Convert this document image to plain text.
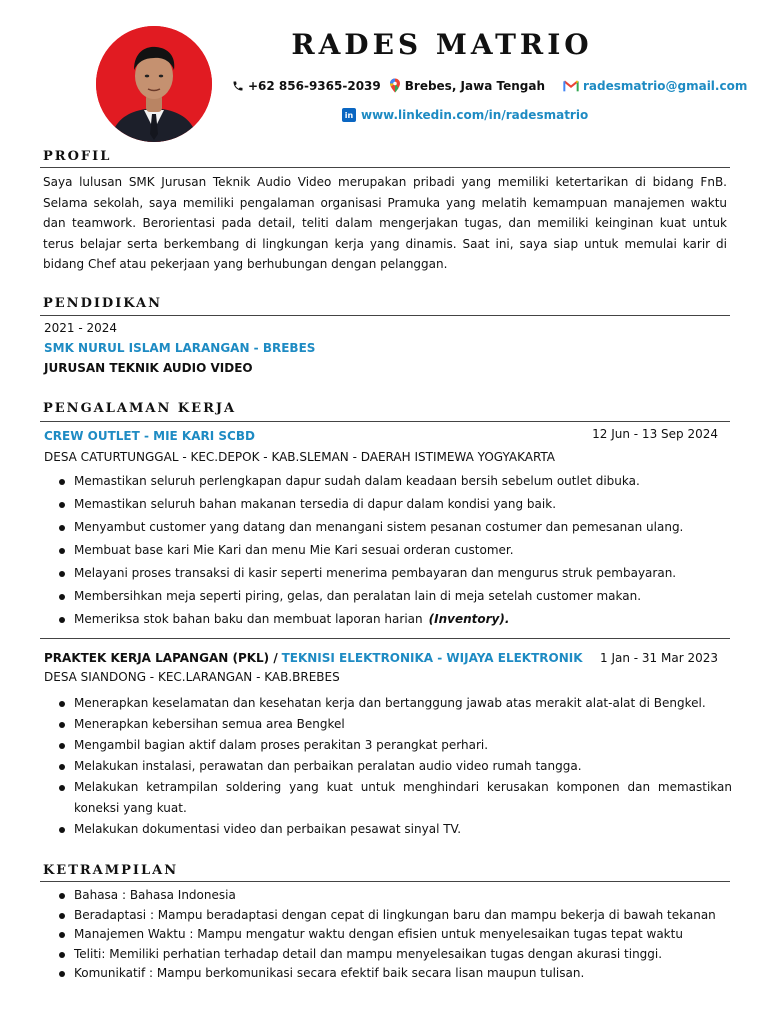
RADES MATRIO
+62 856-9365-2039 Brebes, Jawa Tengah	radesmatrio@gmail.com
in www.linkedin.com/in/radesmatrio
PROFIL
Saya lulusan SMK Jurusan Teknik Audio Video merupakan pribadi yang memiliki ketertarikan di bidang FnB. Selama sekolah, saya memiliki pengalaman organisasi Pramuka yang melatih kemampuan manajemen waktu dan teamwork. Berorientasi pada detail, teliti dalam mengerjakan tugas, dan memiliki keinginan kuat untuk terus belajar serta berkembang di lingkungan kerja yang dinamis. Saat ini, saya siap untuk memulai karir di bidang Chef atau pekerjaan yang berhubungan dengan pelanggan.
PENDIDIKAN
2021 - 2024
SMK NURUL ISLAM LARANGAN - BREBES
JURUSAN TEKNIK AUDIO VIDEO
PENGALAMAN KERJA
CREW OUTLET - MIE KARI SCBD	12 Jun - 13 Sep 2024
DESA CATURTUNGGAL - KEC.DEPOK - KAB.SLEMAN - DAERAH ISTIMEWA YOGYAKARTA
Memastikan seluruh perlengkapan dapur sudah dalam keadaan bersih sebelum outlet dibuka.
Memastikan seluruh bahan makanan tersedia di dapur dalam kondisi yang baik.
Menyambut customer yang datang dan menangani sistem pesanan costumer dan pemesanan ulang.
Membuat base kari Mie Kari dan menu Mie Kari sesuai orderan customer.
Melayani proses transaksi di kasir seperti menerima pembayaran dan mengurus struk pembayaran.
Membersihkan meja seperti piring, gelas, dan peralatan lain di meja setelah customer makan.
Memeriksa stok bahan baku dan membuat laporan harian (Inventory).
PRAKTEK KERJA LAPANGAN (PKL) / TEKNISI ELEKTRONIKA - WIJAYA ELEKTRONIK 1 Jan - 31 Mar 2023
DESA SIANDONG - KEC.LARANGAN - KAB.BREBES
Menerapkan keselamatan dan kesehatan kerja dan bertanggung jawab atas merakit alat-alat di Bengkel.
Menerapkan kebersihan semua area Bengkel
Mengambil bagian aktif dalam proses perakitan 3 perangkat perhari.
Melakukan instalasi, perawatan dan perbaikan peralatan audio video rumah tangga.
Melakukan ketrampilan soldering yang kuat untuk menghindari kerusakan komponen dan memastikan koneksi yang kuat.
Melakukan dokumentasi video dan perbaikan pesawat sinyal TV.
KETRAMPILAN
Bahasa : Bahasa Indonesia
Beradaptasi : Mampu beradaptasi dengan cepat di lingkungan baru dan mampu bekerja di bawah tekanan
Manajemen Waktu : Mampu mengatur waktu dengan efisien untuk menyelesaikan tugas tepat waktu
Teliti: Memiliki perhatian terhadap detail dan mampu menyelesaikan tugas dengan akurasi tinggi.
Komunikatif : Mampu berkomunikasi secara efektif baik secara lisan maupun tulisan.
